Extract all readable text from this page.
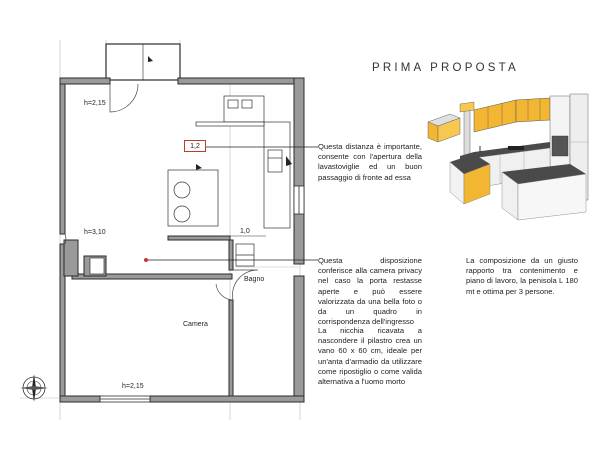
h=2,15
h=3,10
h=2,15
1,2
1,0
Bagno
Camera
PRIMA PROPOSTA
Questa distanza è importante, consente con l'apertura della lavastoviglie ed un buon passaggio di fronte ad essa
Questa disposizione conferisce alla camera privacy nel caso la porta restasse aperte e può essere valorizzata da una bella foto o da un quadro in corrispondenza dell'ingresso
La nicchia ricavata a nascondere il pilastro crea un vano 60 x 60 cm, ideale per un'anta d'armadio da utilizzare come ripostiglio o come valida alternativa a l'uomo morto
La composizione da un giusto rapporto tra contenimento e piano di lavoro, la penisola L 180 mt e ottima per 3 persone.
